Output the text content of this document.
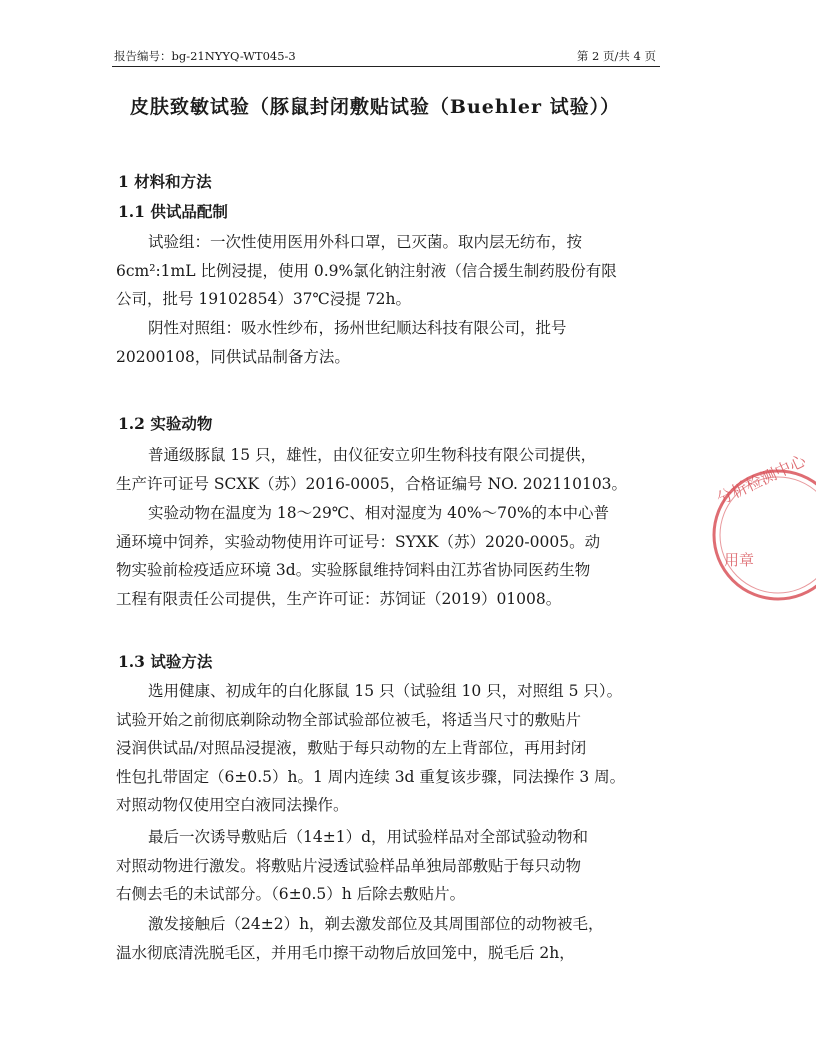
报告编号：bg-21NYYQ-WT045-3	第 2 页/共 4 页
皮肤致敏试验（豚鼠封闭敷贴试验（Buehler 试验））
1 材料和方法
1.1 供试品配制
试验组：一次性使用医用外科口罩，已灭菌。取内层无纺布，按
6cm²:1mL 比例浸提，使用 0.9%氯化钠注射液（信合援生制药股份有限
公司，批号 19102854）37℃浸提 72h。
阴性对照组：吸水性纱布，扬州世纪顺达科技有限公司，批号
20200108，同供试品制备方法。
1.2 实验动物
普通级豚鼠 15 只，雄性，由仪征安立卯生物科技有限公司提供，
生产许可证号 SCXK（苏）2016-0005，合格证编号 NO. 202110103。
实验动物在温度为 18～29℃、相对湿度为 40%～70%的本中心普
通环境中饲养，实验动物使用许可证号：SYXK（苏）2020-0005。动
物实验前检疫适应环境 3d。实验豚鼠维持饲料由江苏省协同医药生物
工程有限责任公司提供，生产许可证：苏饲证（2019）01008。
1.3 试验方法
选用健康、初成年的白化豚鼠 15 只（试验组 10 只，对照组 5 只）。
试验开始之前彻底剃除动物全部试验部位被毛，将适当尺寸的敷贴片
浸润供试品/对照品浸提液，敷贴于每只动物的左上背部位，再用封闭
性包扎带固定（6±0.5）h。1 周内连续 3d 重复该步骤，同法操作 3 周。
对照动物仅使用空白液同法操作。
最后一次诱导敷贴后（14±1）d，用试验样品对全部试验动物和
对照动物进行激发。将敷贴片浸透试验样品单独局部敷贴于每只动物
右侧去毛的未试部分。（6±0.5）h 后除去敷贴片。
激发接触后（24±2）h，剃去激发部位及其周围部位的动物被毛，
温水彻底清洗脱毛区，并用毛巾擦干动物后放回笼中，脱毛后 2h，
分析检测中心
用章
